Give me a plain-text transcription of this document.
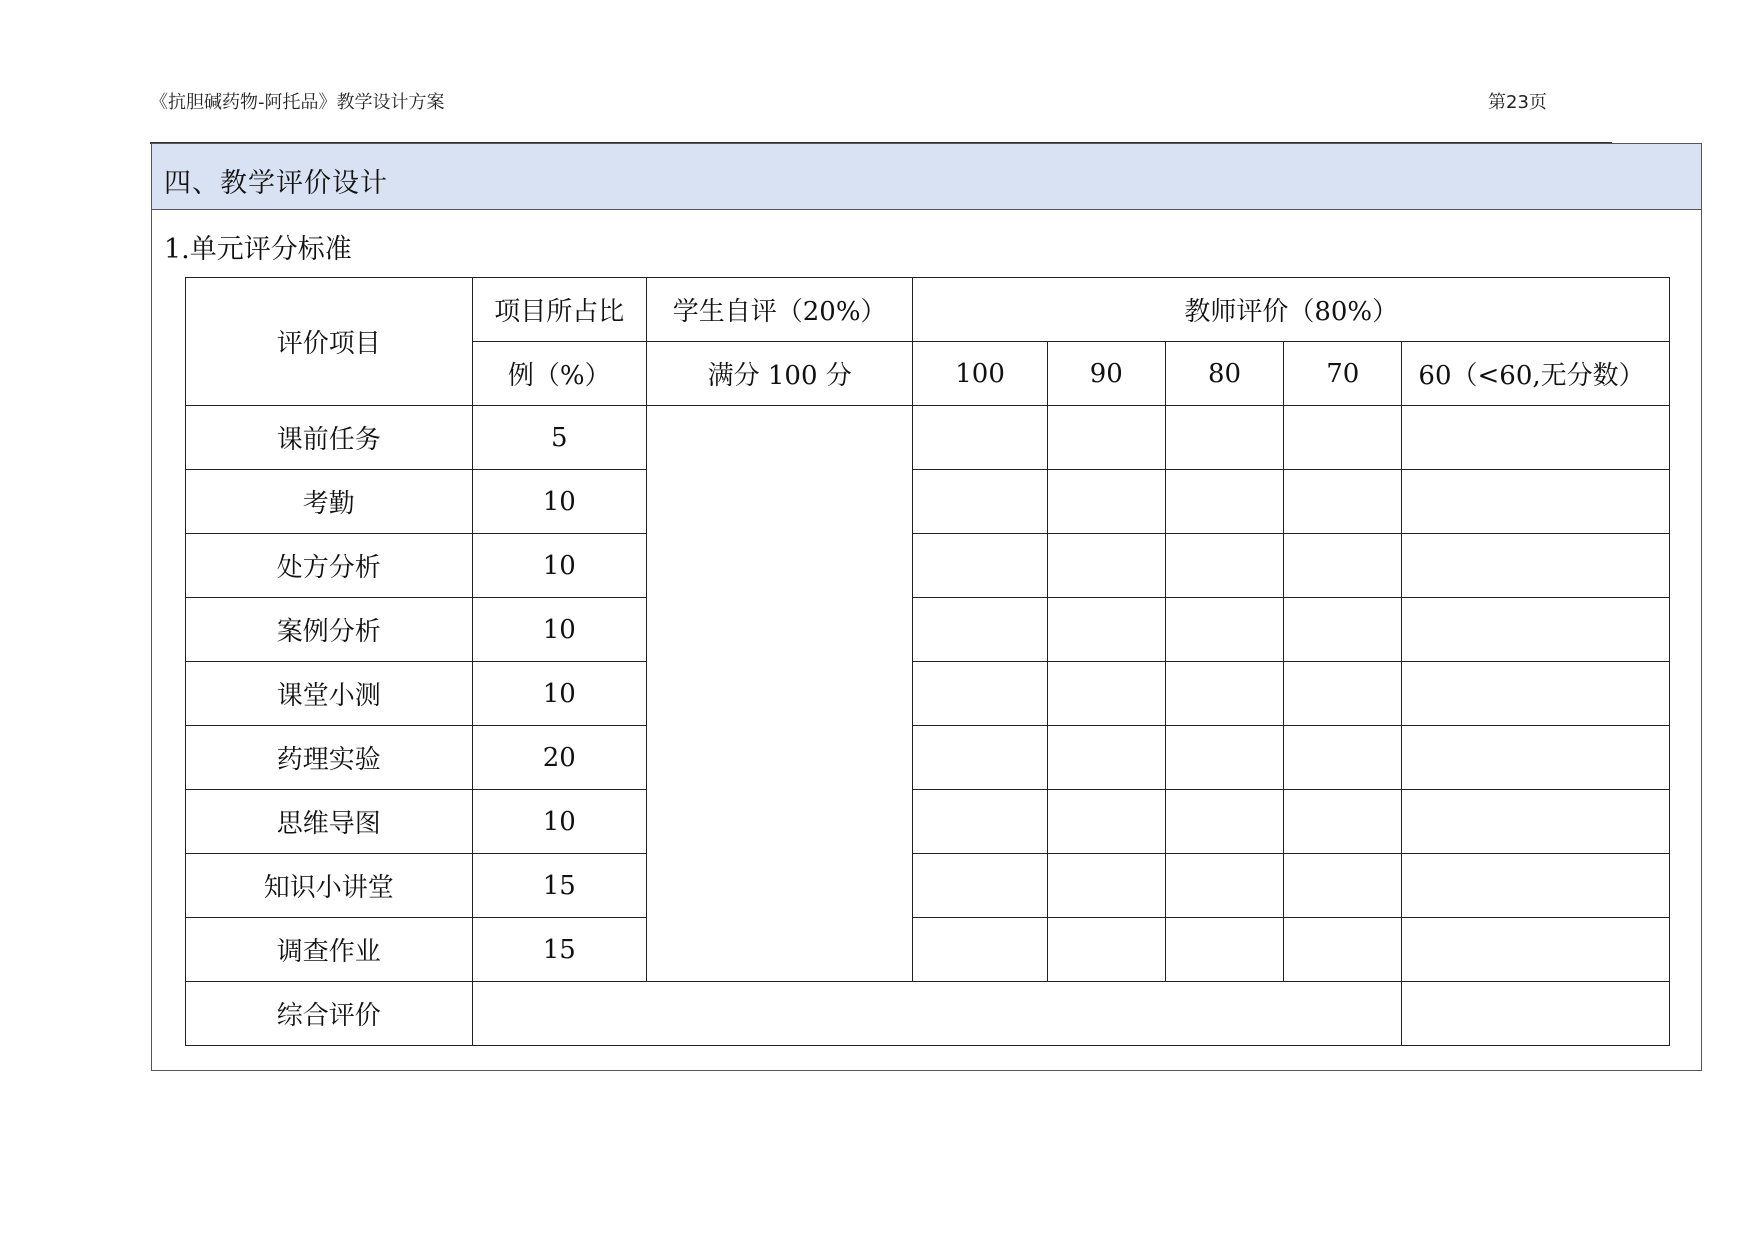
《抗胆碱药物-阿托品》教学设计方案	第23页
四、教学评价设计
1.单元评分标准
评价项目	项目所占比	学生自评（20%）	教师评价（80%）				
	例（%）	满分 100 分	100	90	80	70	60（<60,无分数）
课前任务	5						
考勤	10						
处方分析	10						
案例分析	10						
课堂小测	10						
药理实验	20						
思维导图	10						
知识小讲堂	15						
调查作业	15						
综合评价							
